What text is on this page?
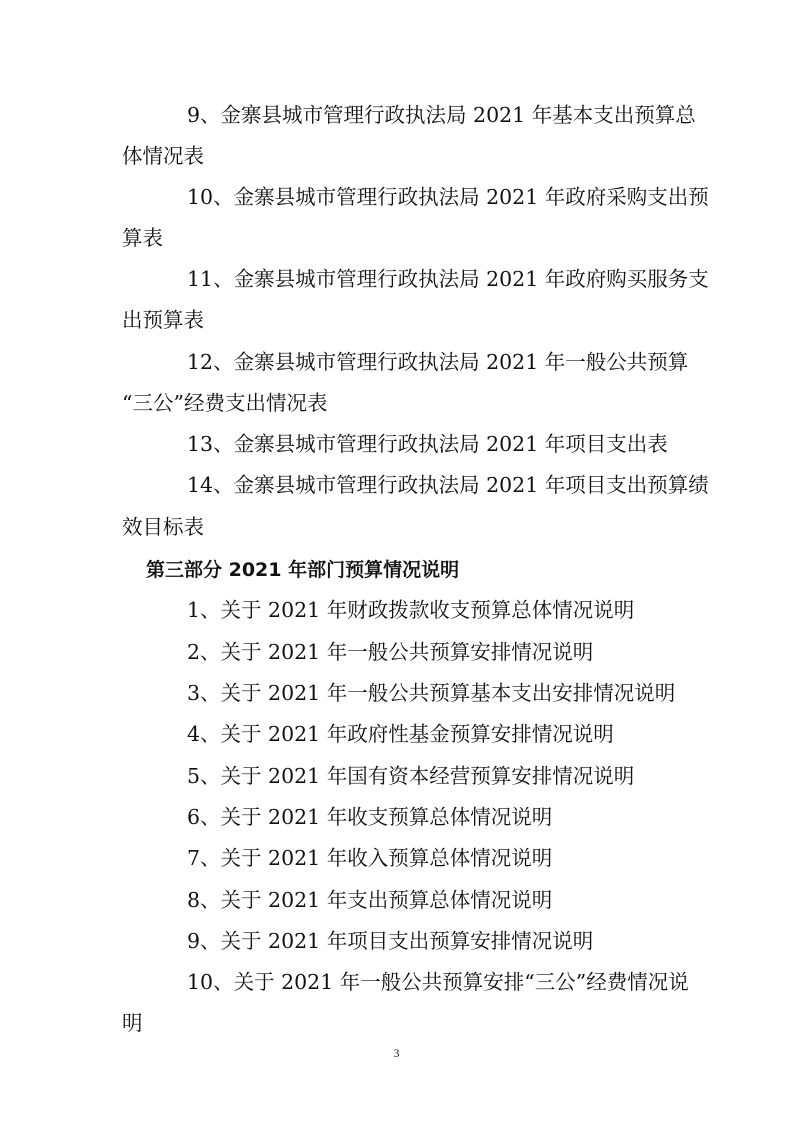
9、金寨县城市管理行政执法局 2021 年基本支出预算总
体情况表
10、金寨县城市管理行政执法局 2021 年政府采购支出预
算表
11、金寨县城市管理行政执法局 2021 年政府购买服务支
出预算表
12、金寨县城市管理行政执法局 2021 年一般公共预算
“三公”经费支出情况表
13、金寨县城市管理行政执法局 2021 年项目支出表
14、金寨县城市管理行政执法局 2021 年项目支出预算绩
效目标表
第三部分 2021 年部门预算情况说明
1、关于 2021 年财政拨款收支预算总体情况说明
2、关于 2021 年一般公共预算安排情况说明
3、关于 2021 年一般公共预算基本支出安排情况说明
4、关于 2021 年政府性基金预算安排情况说明
5、关于 2021 年国有资本经营预算安排情况说明
6、关于 2021 年收支预算总体情况说明
7、关于 2021 年收入预算总体情况说明
8、关于 2021 年支出预算总体情况说明
9、关于 2021 年项目支出预算安排情况说明
10、关于 2021 年一般公共预算安排“三公”经费情况说
明
3
